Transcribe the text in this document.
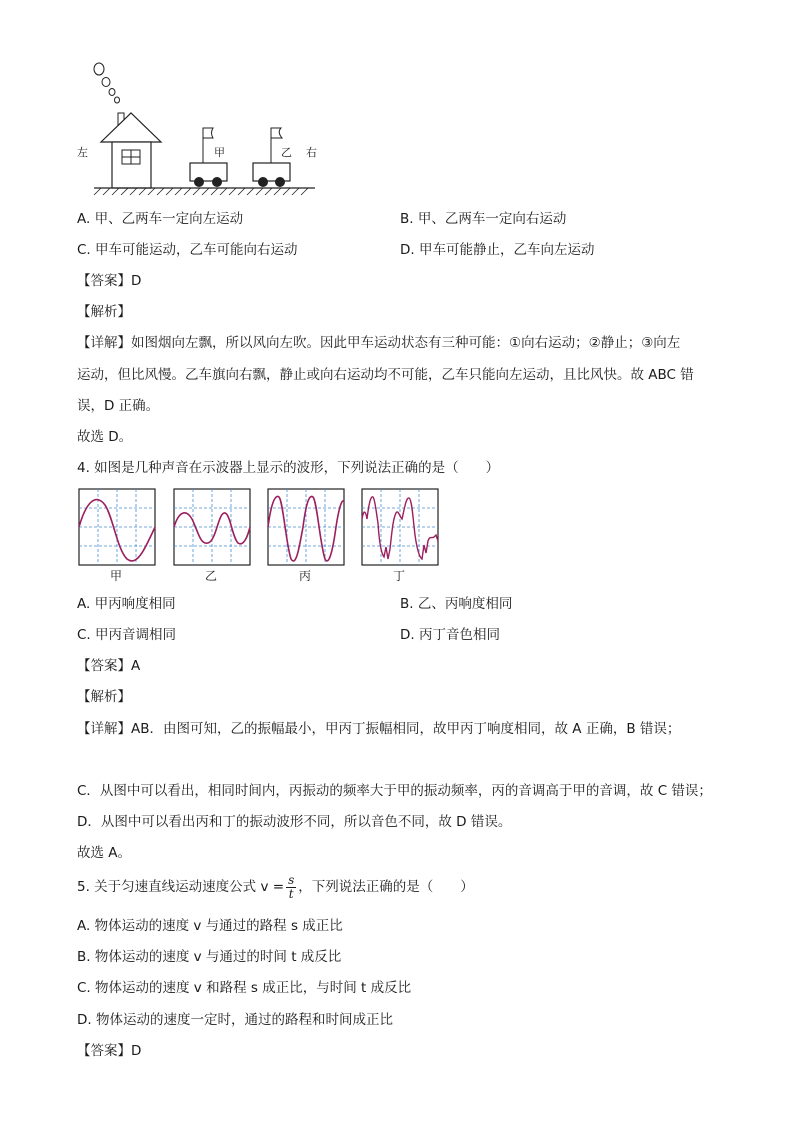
左	甲	乙 右
A. 甲、乙两车一定向左运动	B. 甲、乙两车一定向右运动
C. 甲车可能运动，乙车可能向右运动	D. 甲车可能静止，乙车向左运动
【答案】D
【解析】
【详解】如图烟向左飘，所以风向左吹。因此甲车运动状态有三种可能：①向右运动；②静止；③向左
运动，但比风慢。乙车旗向右飘，静止或向右运动均不可能，乙车只能向左运动，且比风快。故 ABC 错
误，D 正确。
故选 D。
4. 如图是几种声音在示波器上显示的波形，下列说法正确的是（　　）
甲	乙	丙	丁
A. 甲丙响度相同	B. 乙、丙响度相同
C. 甲丙音调相同	D. 丙丁音色相同
【答案】A
【解析】
【详解】AB．由图可知，乙的振幅最小，甲丙丁振幅相同，故甲丙丁响度相同，故 A 正确，B 错误；
C．从图中可以看出，相同时间内，丙振动的频率大于甲的振动频率，丙的音调高于甲的音调，故 C 错误；
D．从图中可以看出丙和丁的振动波形不同，所以音色不同，故 D 错误。
故选 A。
5. 关于匀速直线运动速度公式 $v = \frac{s}{t}$ ，下列说法正确的是（　　）
A. 物体运动的速度 v 与通过的路程 s 成正比
B. 物体运动的速度 v 与通过的时间 t 成反比
C. 物体运动的速度 v 和路程 s 成正比，与时间 t 成反比
D. 物体运动的速度一定时，通过的路程和时间成正比
【答案】D
